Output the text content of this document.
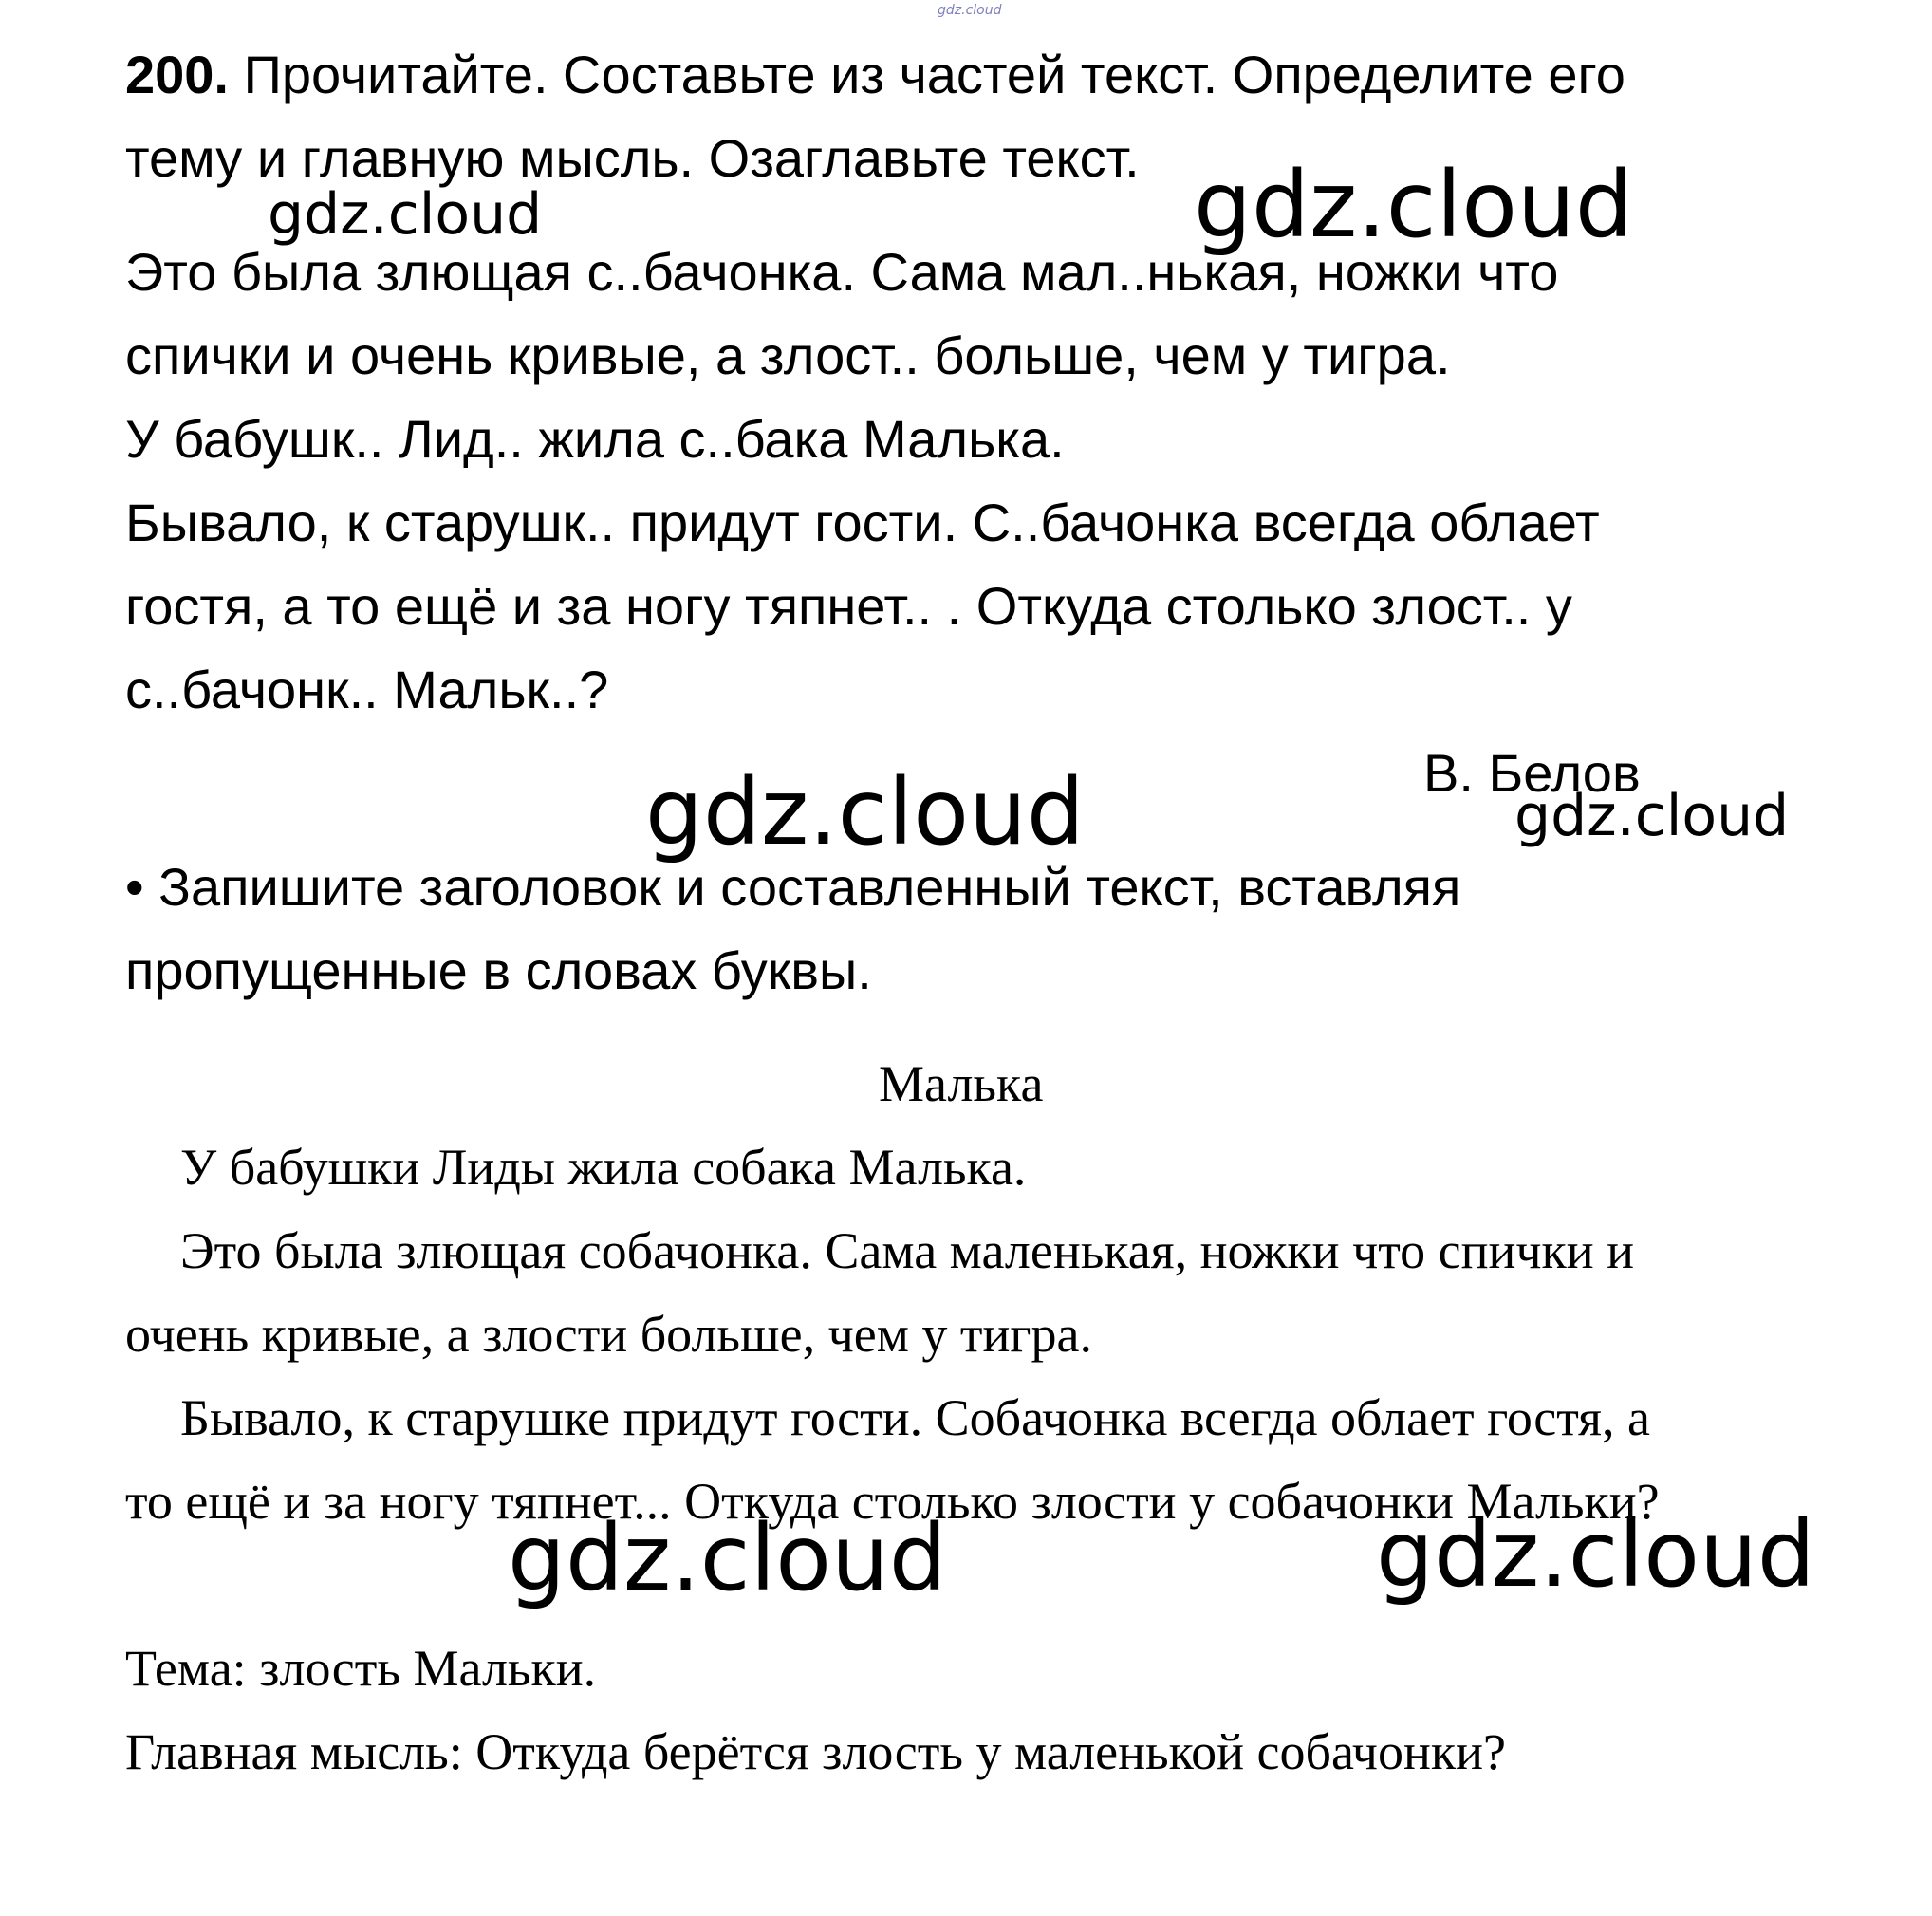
gdz.cloud
200. Прочитайте. Составьте из частей текст. Определите его
тему и главную мысль. Озаглавьте текст.
Это была злющая с..бачонка. Сама мал..нькая, ножки что
спички и очень кривые, а злост.. больше, чем у тигра.
У бабушк.. Лид.. жила с..бака Малька.
Бывало, к старушк.. придут гости. С..бачонка всегда облает
гостя, а то ещё и за ногу тяпнет.. . Откуда столько злост.. у
с..бачонк.. Мальк..?
В. Белов
• Запишите заголовок и составленный текст, вставляя
пропущенные в словах буквы.
Малька
У бабушки Лиды жила собака Малька.
Это была злющая собачонка. Сама маленькая, ножки что спички и
очень кривые, а злости больше, чем у тигра.
Бывало, к старушке придут гости. Собачонка всегда облает гостя, а
то ещё и за ногу тяпнет... Откуда столько злости у собачонки Мальки?
Тема: злость Мальки.
Главная мысль: Откуда берётся злость у маленькой собачонки?
gdz.cloud	gdz.cloud
gdz.cloud	gdz.cloud
gdz.cloud	gdz.cloud
